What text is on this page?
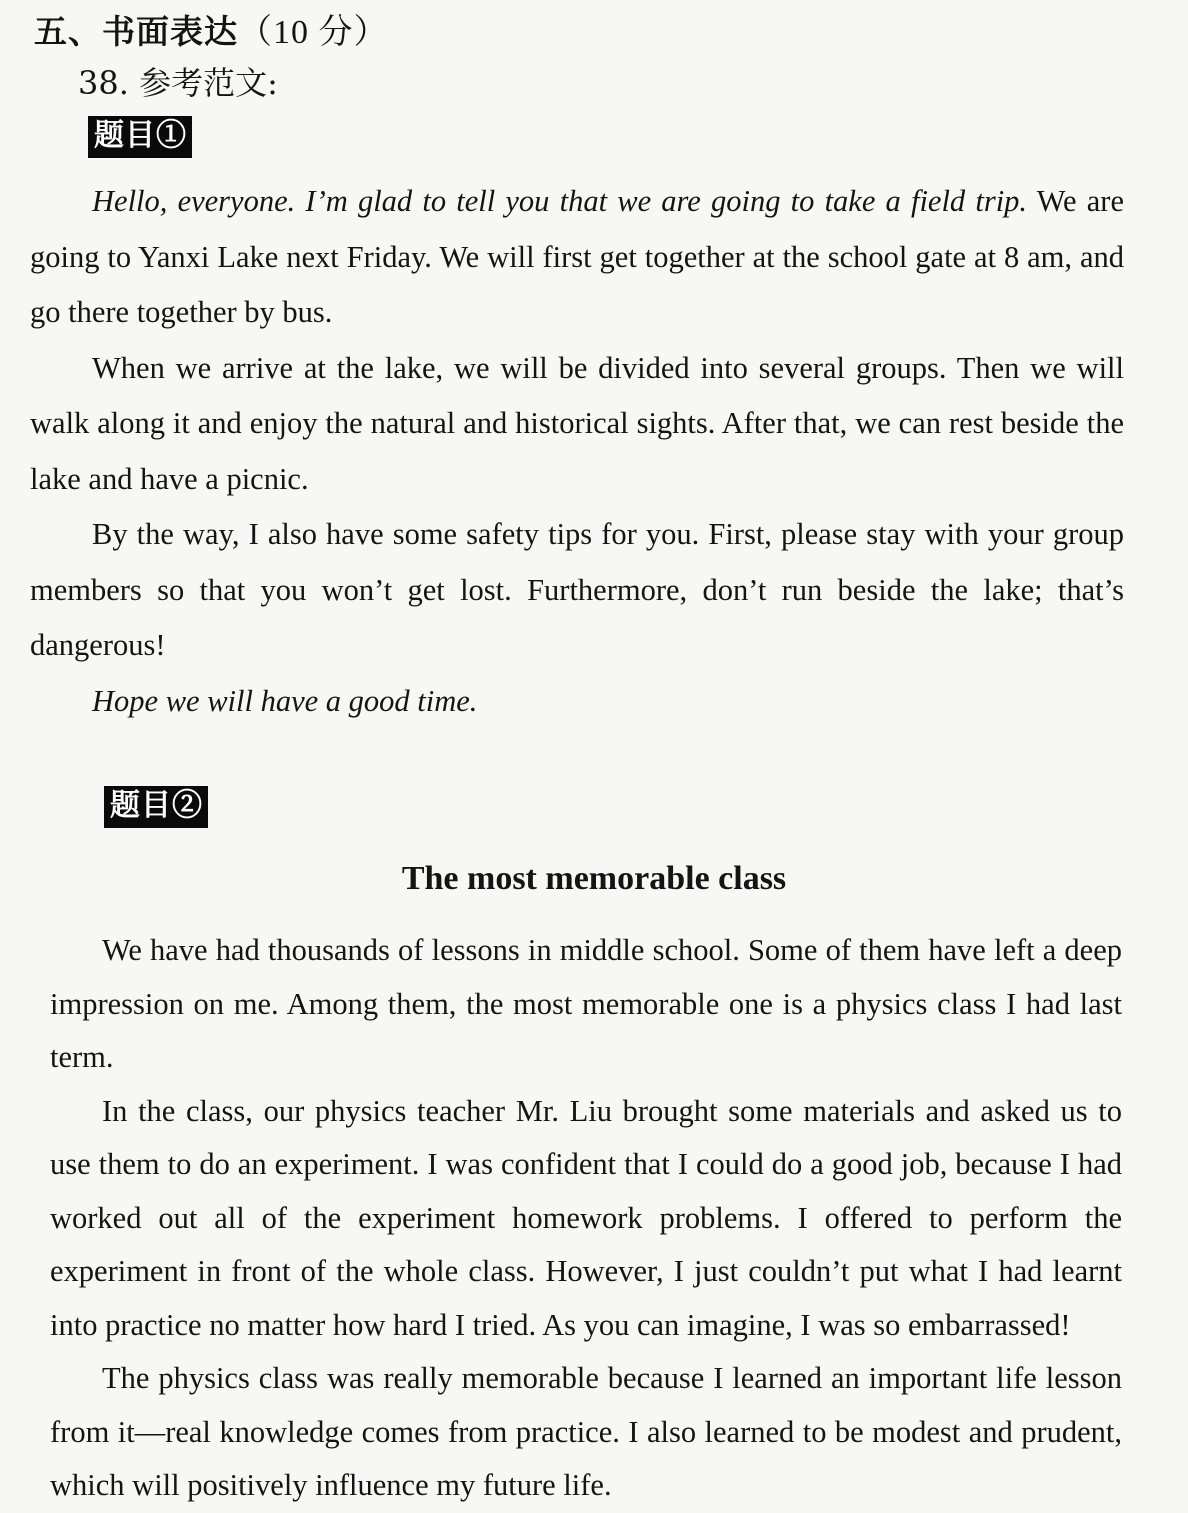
五、书面表达（10 分）
38. 参考范文:
题目①

Hello, everyone. I’m glad to tell you that we are going to take a field trip. We are going to Yanxi Lake next Friday. We will first get together at the school gate at 8 am, and go there together by bus.

When we arrive at the lake, we will be divided into several groups. Then we will walk along it and enjoy the natural and historical sights. After that, we can rest beside the lake and have a picnic.

By the way, I also have some safety tips for you. First, please stay with your group members so that you won’t get lost. Furthermore, don’t run beside the lake; that’s dangerous!

Hope we will have a good time.

题目②
The most memorable class

We have had thousands of lessons in middle school. Some of them have left a deep impression on me. Among them, the most memorable one is a physics class I had last term.

In the class, our physics teacher Mr. Liu brought some materials and asked us to use them to do an experiment. I was confident that I could do a good job, because I had worked out all of the experiment homework problems. I offered to perform the experiment in front of the whole class. However, I just couldn’t put what I had learnt into practice no matter how hard I tried. As you can imagine, I was so embarrassed!

The physics class was really memorable because I learned an important life lesson from it—real knowledge comes from practice. I also learned to be modest and prudent, which will positively influence my future life.
